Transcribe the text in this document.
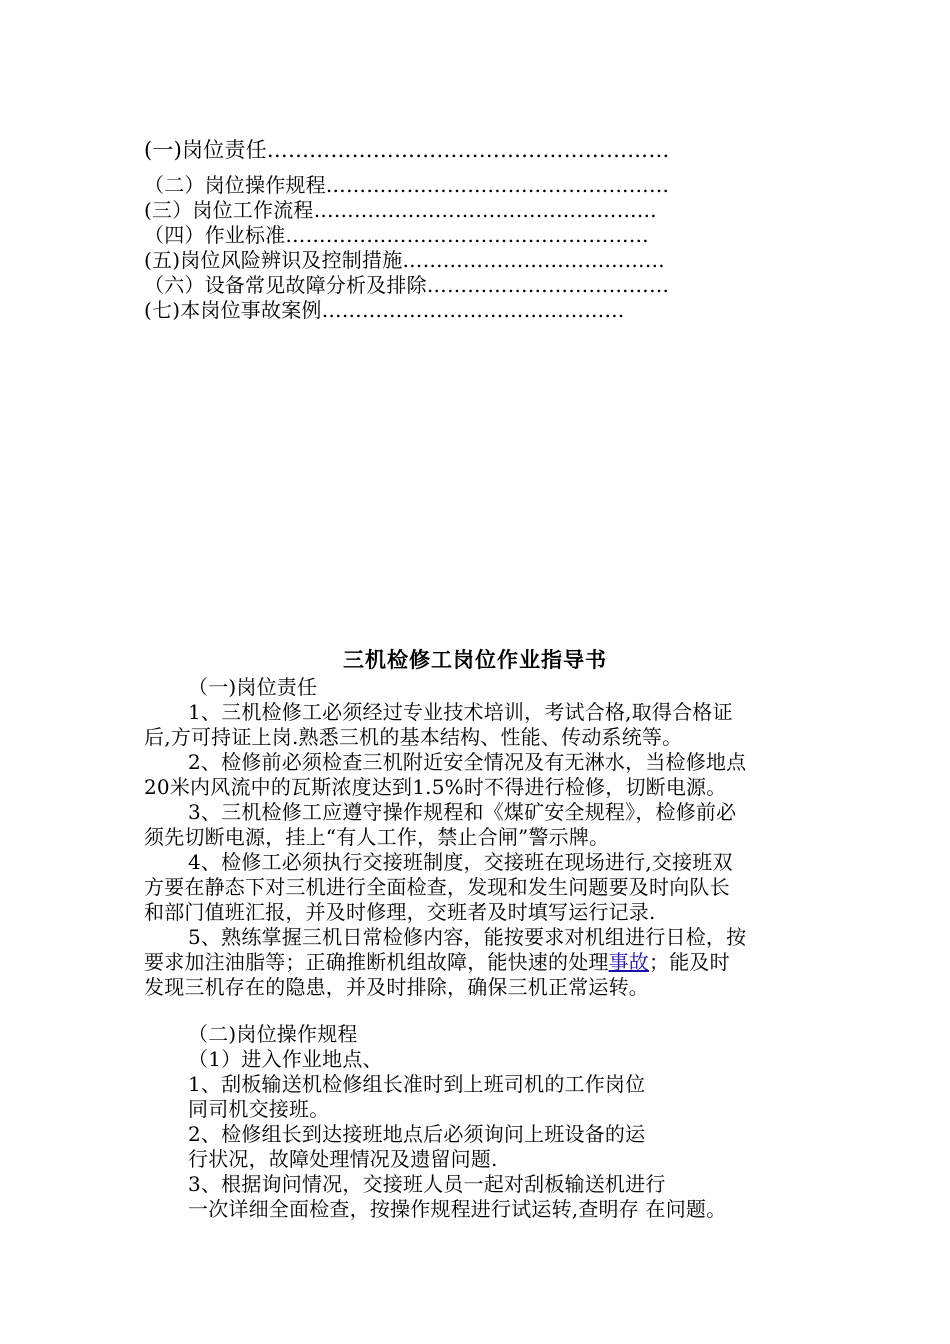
(一)岗位责任…………………………………………………
（二）岗位操作规程……………………………………………
(三）岗位工作流程……………………………………………
（四）作业标准………………………………………………
(五)岗位风险辨识及控制措施…………………………………
（六）设备常见故障分析及排除………………………………
(七)本岗位事故案例………………………………………
三机检修工岗位作业指导书
（一)岗位责任
1、三机检修工必须经过专业技术培训，考试合格,取得合格证
后,方可持证上岗.熟悉三机的基本结构、性能、传动系统等。
2、检修前必须检查三机附近安全情况及有无淋水，当检修地点
20米内风流中的瓦斯浓度达到1.5%时不得进行检修，切断电源。
3、三机检修工应遵守操作规程和《煤矿安全规程》，检修前必
须先切断电源，挂上“有人工作，禁止合闸”警示牌。
4、检修工必须执行交接班制度，交接班在现场进行,交接班双
方要在静态下对三机进行全面检查，发现和发生问题要及时向队长
和部门值班汇报，并及时修理，交班者及时填写运行记录.
5、熟练掌握三机日常检修内容，能按要求对机组进行日检，按
要求加注油脂等；正确推断机组故障，能快速的处理事故；能及时
发现三机存在的隐患，并及时排除，确保三机正常运转。
（二)岗位操作规程
（1）进入作业地点、
1、刮板输送机检修组长准时到上班司机的工作岗位
同司机交接班。
2、检修组长到达接班地点后必须询问上班设备的运
行状况，故障处理情况及遗留问题.
3、根据询问情况，交接班人员一起对刮板输送机进行
一次详细全面检查，按操作规程进行试运转,查明存 在问题。
